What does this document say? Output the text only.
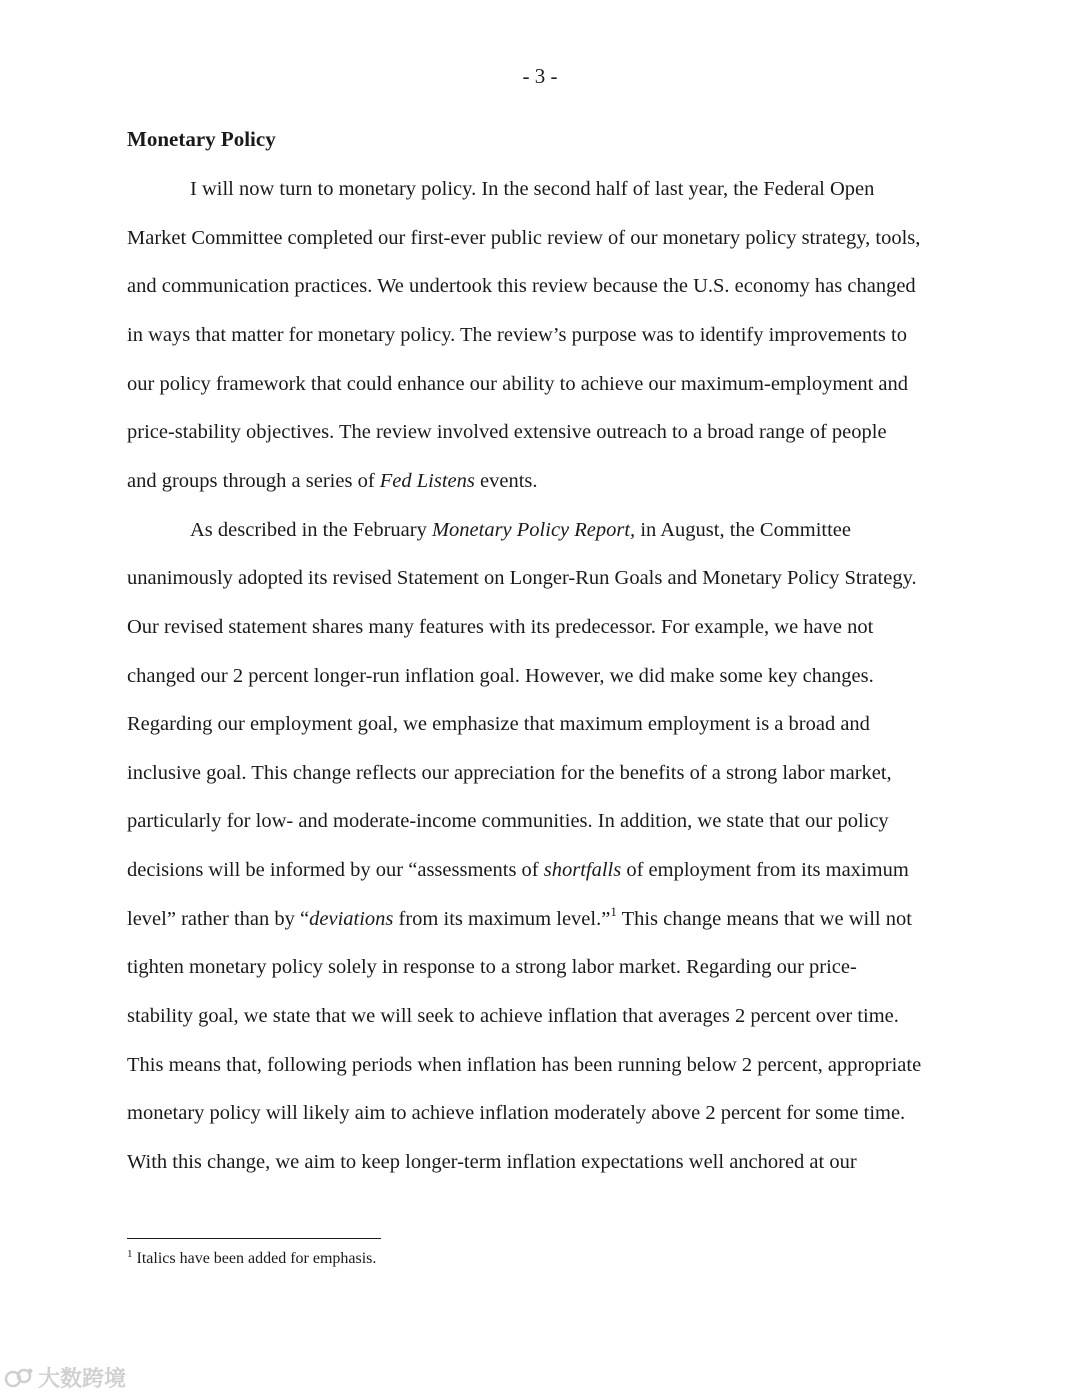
- 3 -
Monetary Policy
I will now turn to monetary policy. In the second half of last year, the Federal Open
Market Committee completed our first-ever public review of our monetary policy strategy, tools,
and communication practices. We undertook this review because the U.S. economy has changed
in ways that matter for monetary policy. The review’s purpose was to identify improvements to
our policy framework that could enhance our ability to achieve our maximum-employment and
price-stability objectives. The review involved extensive outreach to a broad range of people
and groups through a series of Fed Listens events.
As described in the February Monetary Policy Report, in August, the Committee
unanimously adopted its revised Statement on Longer-Run Goals and Monetary Policy Strategy.
Our revised statement shares many features with its predecessor. For example, we have not
changed our 2 percent longer-run inflation goal. However, we did make some key changes.
Regarding our employment goal, we emphasize that maximum employment is a broad and
inclusive goal. This change reflects our appreciation for the benefits of a strong labor market,
particularly for low- and moderate-income communities. In addition, we state that our policy
decisions will be informed by our “assessments of shortfalls of employment from its maximum
level” rather than by “deviations from its maximum level.”$^1$ This change means that we will not
tighten monetary policy solely in response to a strong labor market. Regarding our price-
stability goal, we state that we will seek to achieve inflation that averages 2 percent over time.
This means that, following periods when inflation has been running below 2 percent, appropriate
monetary policy will likely aim to achieve inflation moderately above 2 percent for some time.
With this change, we aim to keep longer-term inflation expectations well anchored at our
$^1$ Italics have been added for emphasis.
大数跨境
